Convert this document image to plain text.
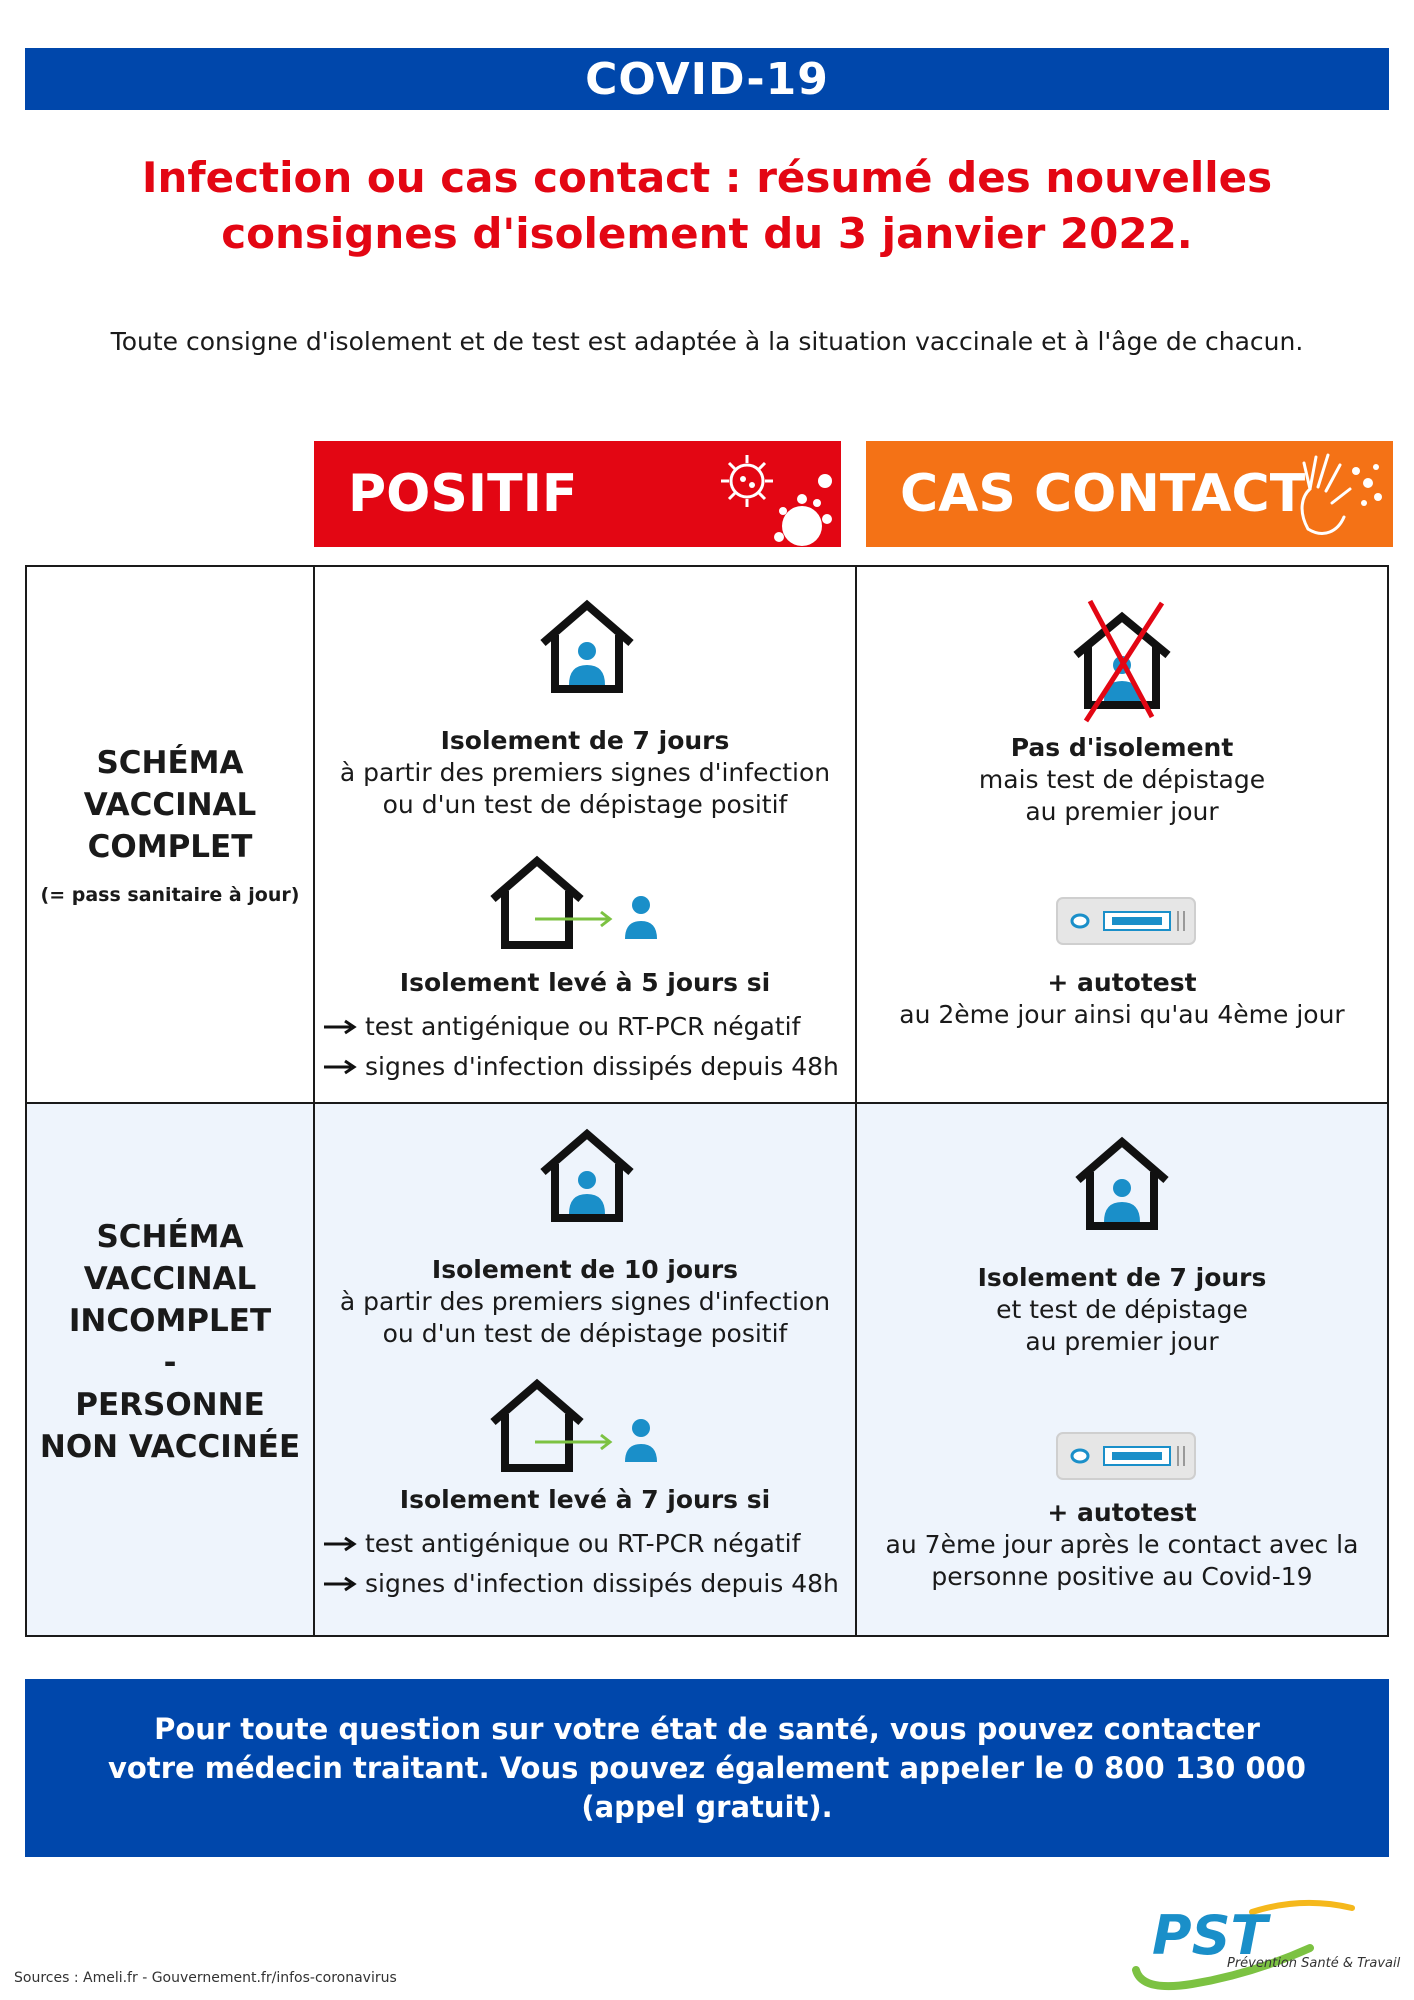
COVID-19
Infection ou cas contact : résumé des nouvelles
consignes d'isolement du 3 janvier 2022.
Toute consigne d'isolement et de test est adaptée à la situation vaccinale et à l'âge de chacun.
POSITIF	CAS CONTACT
SCHÉMA
VACCINAL
COMPLET
(= pass sanitaire à jour)
Isolement de 7 jours
à partir des premiers signes d'infection
ou d'un test de dépistage positif
Isolement levé à 5 jours si
test antigénique ou RT-PCR négatif
signes d'infection dissipés depuis 48h
Pas d'isolement
mais test de dépistage
au premier jour
+ autotest
au 2ème jour ainsi qu'au 4ème jour
SCHÉMA
VACCINAL
INCOMPLET
-
PERSONNE
NON VACCINÉE
Isolement de 10 jours
à partir des premiers signes d'infection
ou d'un test de dépistage positif
Isolement levé à 7 jours si
test antigénique ou RT-PCR négatif
signes d'infection dissipés depuis 48h
Isolement de 7 jours
et test de dépistage
au premier jour
+ autotest
au 7ème jour après le contact avec la
personne positive au Covid-19
Pour toute question sur votre état de santé, vous pouvez contacter
votre médecin traitant. Vous pouvez également appeler le 0 800 130 000
(appel gratuit).
Sources : Ameli.fr - Gouvernement.fr/infos-coronavirus
PST
Prévention Santé & Travail
